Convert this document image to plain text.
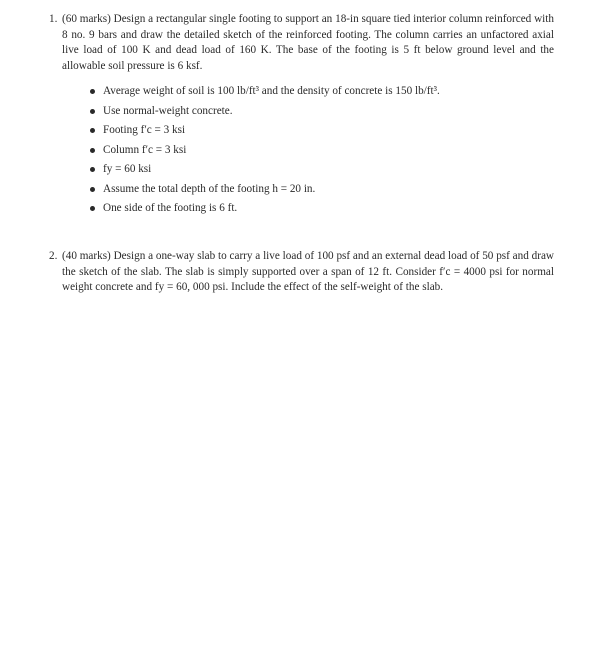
1. (60 marks) Design a rectangular single footing to support an 18-in square tied interior column reinforced with 8 no. 9 bars and draw the detailed sketch of the reinforced footing. The column carries an unfactored axial live load of 100 K and dead load of 160 K. The base of the footing is 5 ft below ground level and the allowable soil pressure is 6 ksf.
Average weight of soil is 100 lb/ft³ and the density of concrete is 150 lb/ft³.
Use normal-weight concrete.
Footing f′c = 3 ksi
Column f′c = 3 ksi
fy = 60 ksi
Assume the total depth of the footing h = 20 in.
One side of the footing is 6 ft.
2. (40 marks) Design a one-way slab to carry a live load of 100 psf and an external dead load of 50 psf and draw the sketch of the slab. The slab is simply supported over a span of 12 ft. Consider f′c = 4000 psi for normal weight concrete and fy = 60, 000 psi. Include the effect of the self-weight of the slab.
